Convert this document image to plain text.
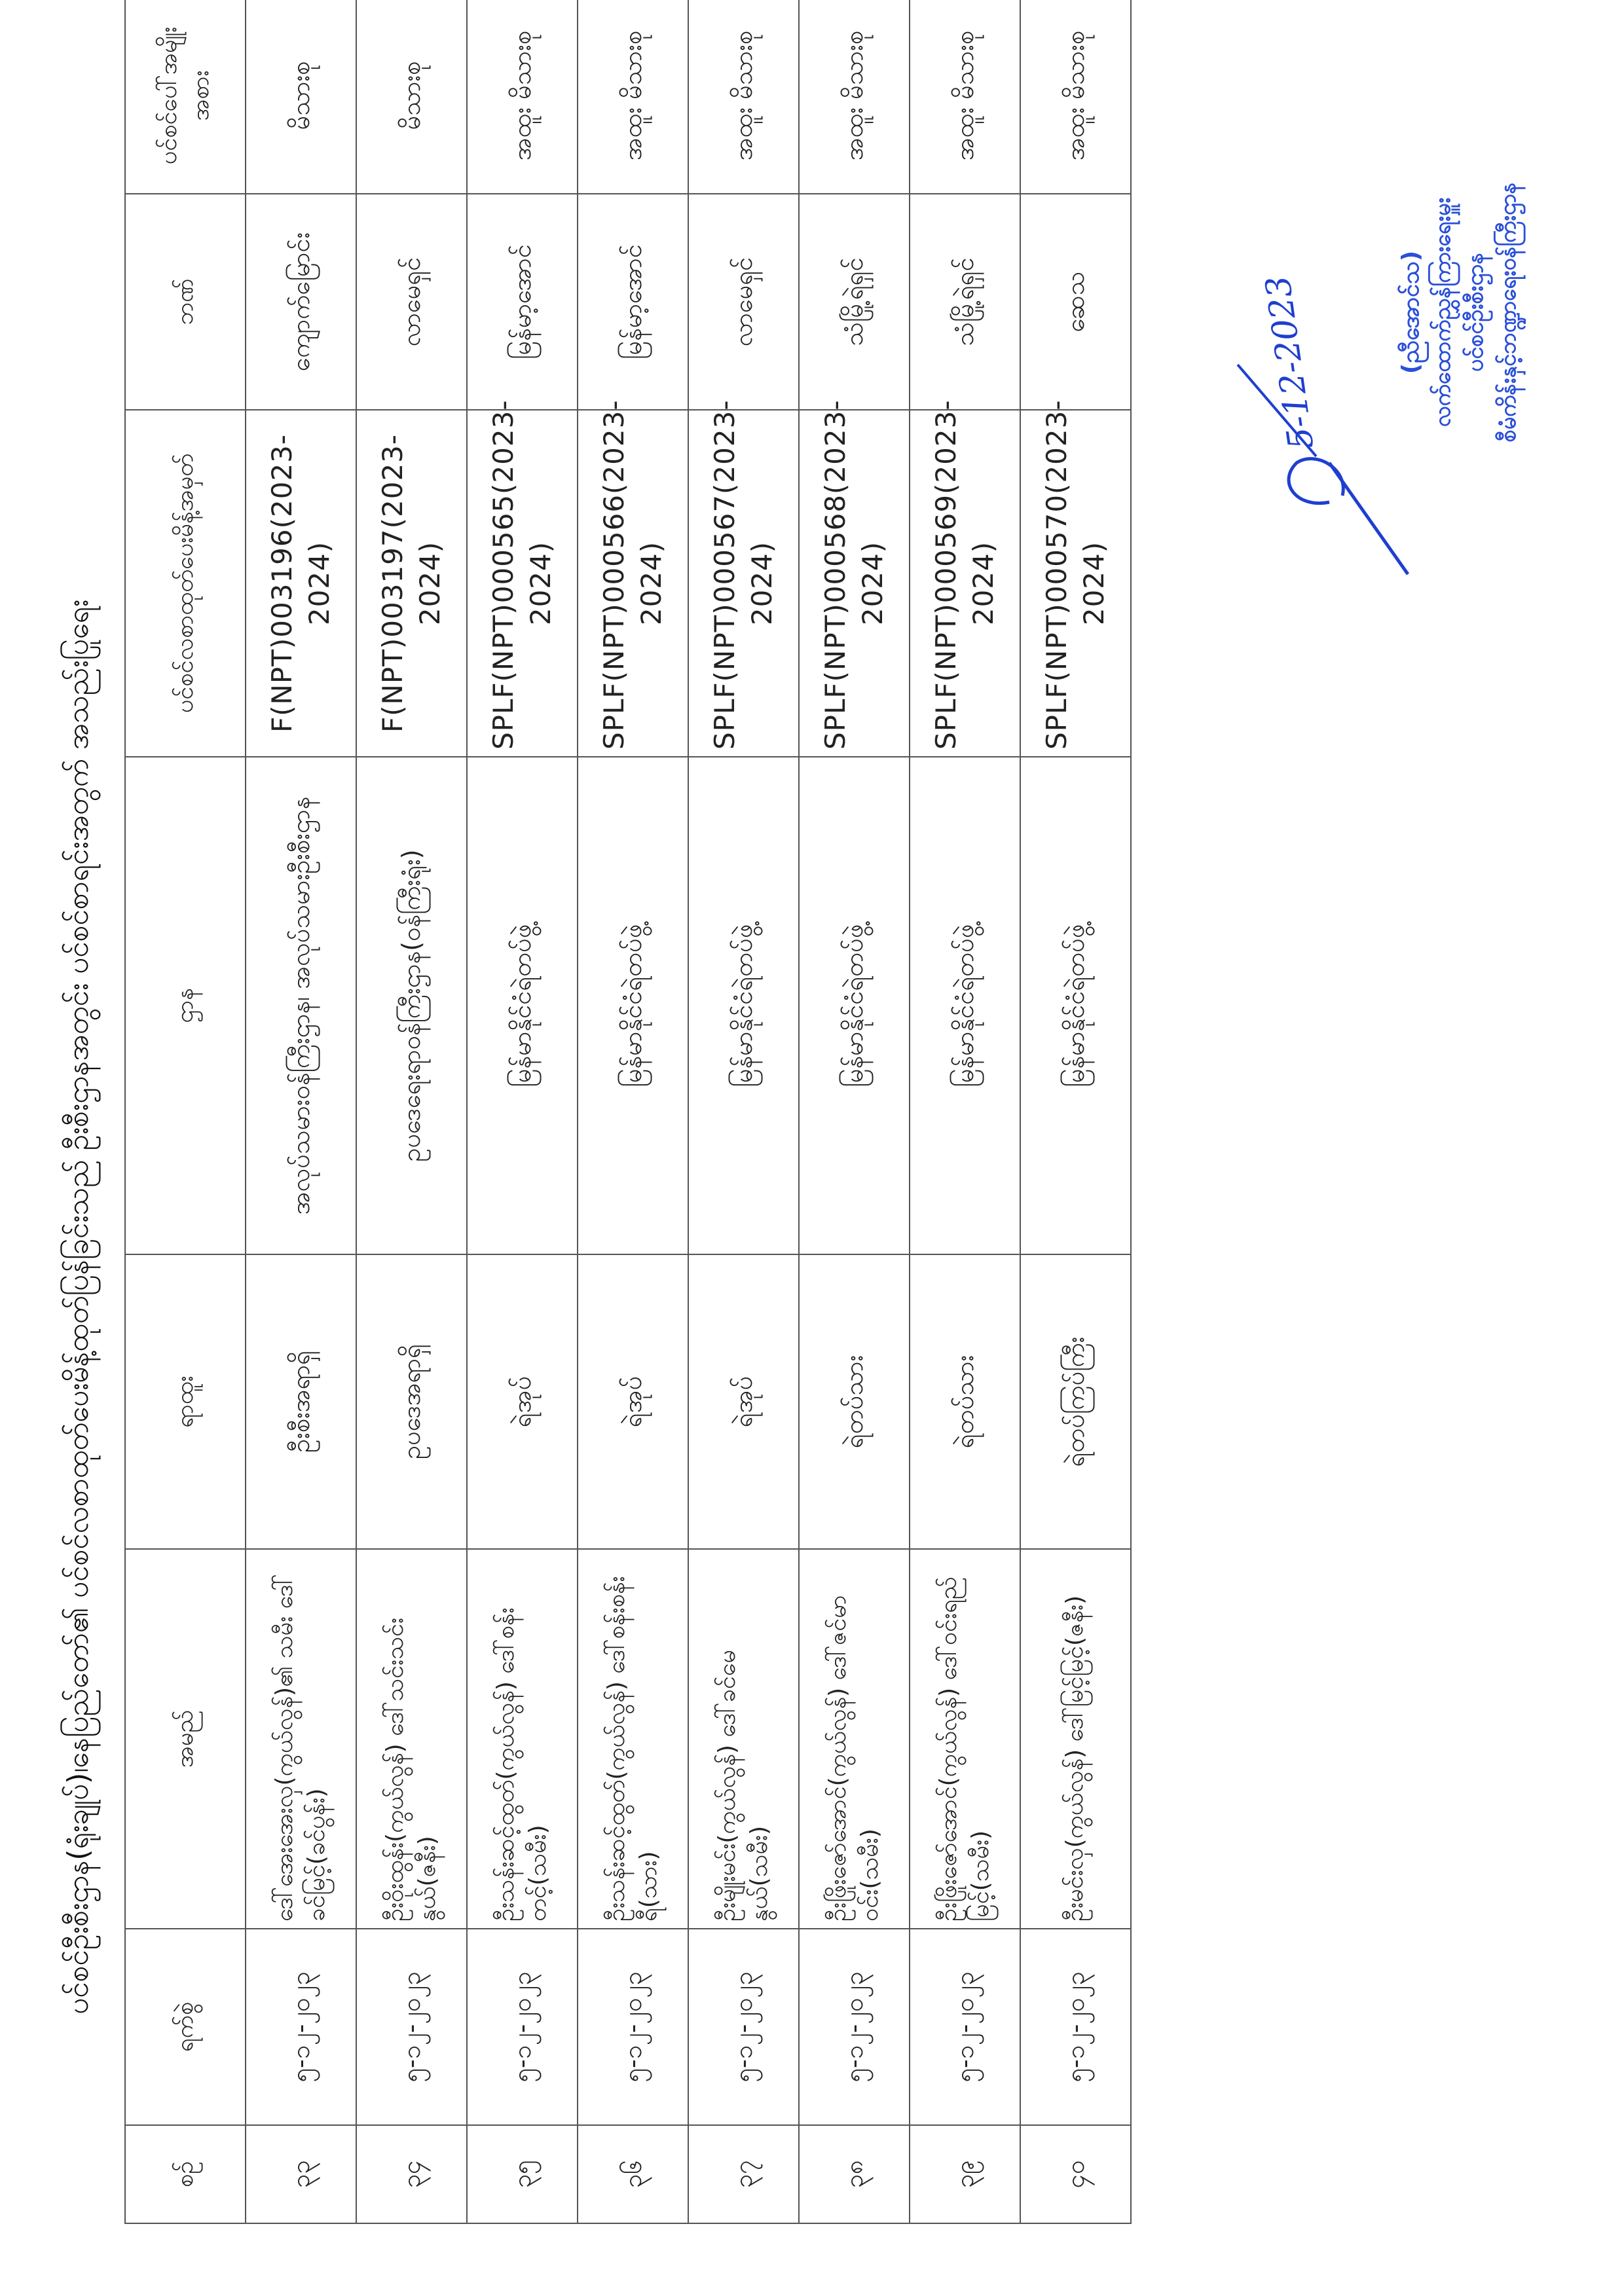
ပင်စင်ဦးစီးဌာန(ရုံးချုပ်)၊နေပြည်တော်၏ ပင်စင်လစာထုတ်ပေးမိန့်ထုတ်ပြန်ခြင်းသည် ဦးစီးဌာနအတွင်း ပင်စင်စာရင်းအတွက် အသည်းပြုရေး
စဉ်	ရက်စွဲ	အမည်	ရာထူး	ဌာန	ပင်စင်လစာထုတ်ပေးမိန့်အမှတ်	ဘဏ်	ပင်စင်ပေါ်အမျိုးအစား	
၃၃	၅-၁၂-၂၀၂၃	ဒေါ်အေးအေးလှ(ကွယ်လွန်)၏ သမီး ဒေါ်ခင်မြင့်(ခင်ပွန်း)	ဦးစီးအရာရှိ	အလုပ်သမားဝန်ကြီးဌာန၊ အလုပ်သမားဦးစီးဌာန	F(NPT)003196(2023-2024)	ကျောက်မြောင်း	မိသားစု	
၃၄	၅-၁၂-၂၀၂၃	ဦးဝိုးထွန်း(ကွယ်လွန်) ဒေါ်သင်းသင်းနွယ်(ဇနီး)	ဥပဒေအရာရှိ	ဥပဒေရေးရာဝန်ကြီးဌာန(ဝန်ကြီးရုံး)	F(NPT)003197(2023-2024)	လာမေရှင်	မိသားစု	
၃၅	၅-၁၂-၂၀၂၃	ဦးသန်းဆင့်ထွတ်(ကွယ်လွန်) ဒေါ်စန်းတင့်(သမီး)	ရဲအုပ်	မြန်မာနိုင်ငံရဲတပ်ဖွဲ့	SPLF(NPT)000565(2023-2024)	မြန်မာ့အောင်	အထူး မိသားစု	
၃၆	၅-၁၂-၂၀၂၃	ဦးသန်းဆင့်ထွတ်(ကွယ်လွန်) ဒေါ်စန်းစန်းရီ(သား)	ရဲအုပ်	မြန်မာနိုင်ငံရဲတပ်ဖွဲ့	SPLF(NPT)000566(2023-2024)	မြန်မာ့အောင်	အထူး မိသားစု	
၃၇	၅-၁၂-၂၀၂၃	ဦးမျိုးမင်း(ကွယ်လွန်) ဒေါ်ခင်မေနွယ်(သမီး)	ရဲအုပ်	မြန်မာနိုင်ငံရဲတပ်ဖွဲ့	SPLF(NPT)000567(2023-2024)	လာမေရှင်	အထူး မိသားစု	
၃၈	၅-၁၂-၂၀၂၃	ဦးဖြိုးဇော်အောင်(ကွယ်လွန်) ဒေါ်ဇင်မာဝင်း(သမီး)	ရဲတပ်သား	မြန်မာနိုင်ငံရဲတပ်ဖွဲ့	SPLF(NPT)000568(2023-2024)	သံမြို့ရဲရှင်	အထူး မိသားစု	
၃၉	၅-၁၂-၂၀၂၃	ဦးဖြိုးဇော်အောင်(ကွယ်လွန်) ဒေါ်ဝင်းရည်မြင့်(သမီး)	ရဲတပ်သား	မြန်မာနိုင်ငံရဲတပ်ဖွဲ့	SPLF(NPT)000569(2023-2024)	သံမြို့ရဲရှင်	အထူး မိသားစု	
၄၀	၅-၁၂-၂၀၂၃	ဦးမင်းလှ(ကွယ်လွန်) ဒေါ်မြင့်မြင့်(ဇနီး)	ရဲတပ်ကြပ်ကြီး	မြန်မာနိုင်ငံရဲတပ်ဖွဲ့	SPLF(NPT)000570(2023-2024)	ဆေသ	အထူး မိသားစု	
5-12-2023	(ညီအောင်သ) လက်ထောက်ညွှန်ကြားရေးမှူး ပင်စင်ဦးစီးဌာန စီမံကိန်းနှင့်ဘဏ္ဍာရေးဝန်ကြီးဌာန
